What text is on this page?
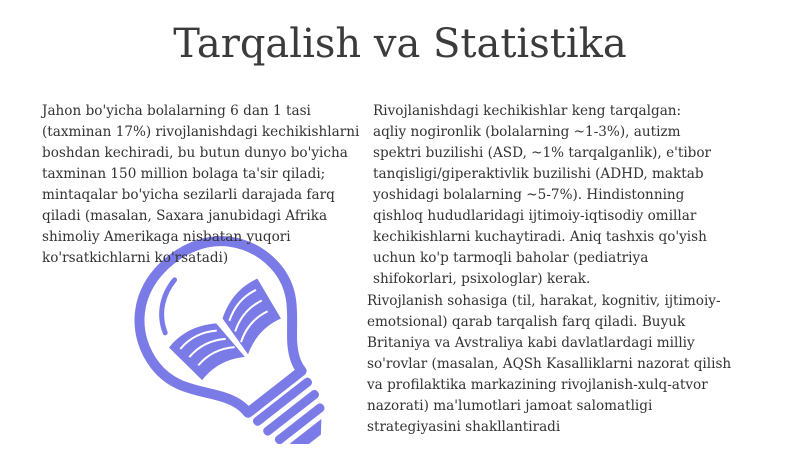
Tarqalish va Statistika

Jahon bo'yicha bolalarning 6 dan 1 tasi (taxminan 17%) rivojlanishdagi kechikishlarni boshdan kechiradi, bu butun dunyo bo'yicha taxminan 150 million bolaga ta'sir qiladi; mintaqalar bo'yicha sezilarli darajada farq qiladi (masalan, Saxara janubidagi Afrika shimoliy Amerikaga nisbatan yuqori ko'rsatkichlarni ko'rsatadi)

Rivojlanishdagi kechikishlar keng tarqalgan: aqliy nogironlik (bolalarning ~1-3%), autizm spektri buzilishi (ASD, ~1% tarqalganlik), e'tibor tanqisligi/giperaktivlik buzilishi (ADHD, maktab yoshidagi bolalarning ~5-7%). Hindistonning qishloq hududlaridagi ijtimoiy-iqtisodiy omillar kechikishlarni kuchaytiradi. Aniq tashxis qo'yish uchun ko'p tarmoqli baholar (pediatriya shifokorlari, psixologlar) kerak.

Rivojlanish sohasiga (til, harakat, kognitiv, ijtimoiy-emotsional) qarab tarqalish farq qiladi. Buyuk Britaniya va Avstraliya kabi davlatlardagi milliy so'rovlar (masalan, AQSh Kasalliklarni nazorat qilish va profilaktika markazining rivojlanish-xulq-atvor nazorati) ma'lumotlari jamoat salomatligi strategiyasini shakllantiradi
